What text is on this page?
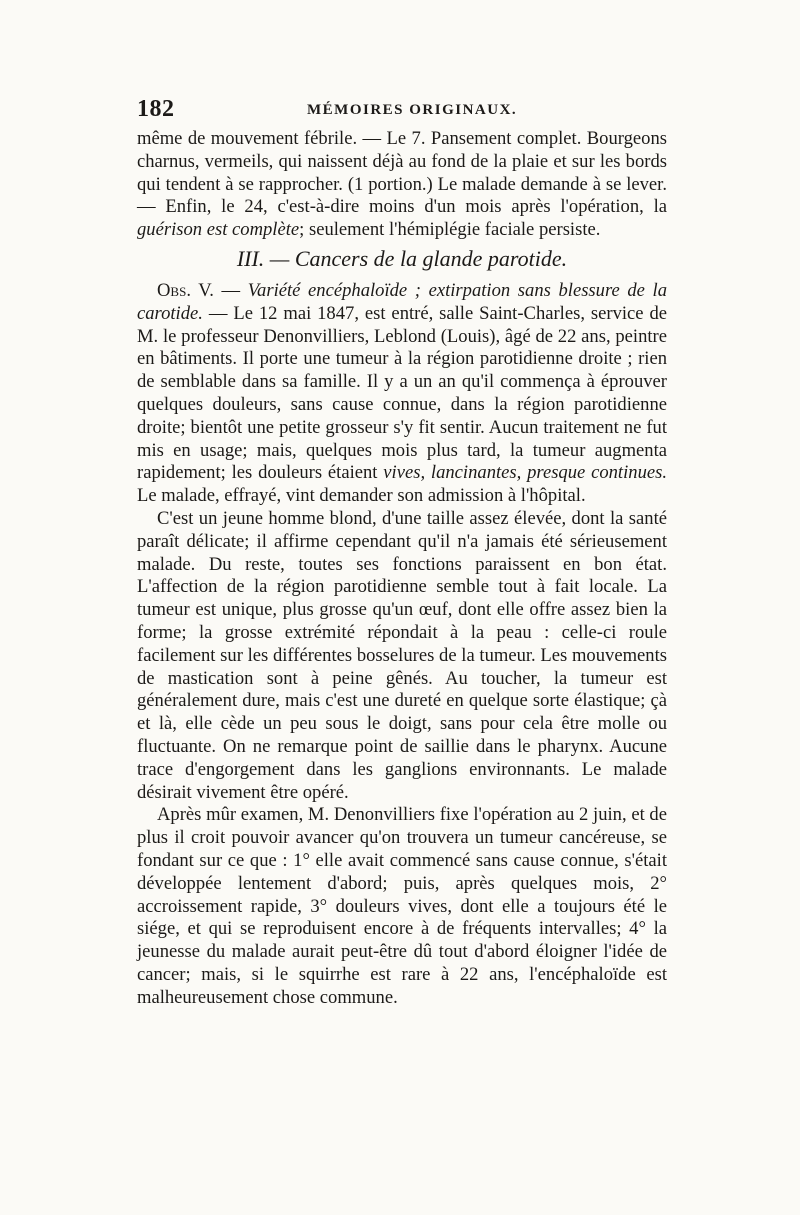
182	MÉMOIRES ORIGINAUX.

même de mouvement fébrile. — Le 7. Pansement complet. Bourgeons charnus, vermeils, qui naissent déjà au fond de la plaie et sur les bords qui tendent à se rapprocher. (1 portion.) Le malade demande à se lever. — Enfin, le 24, c'est-à-dire moins d'un mois après l'opération, la guérison est complète; seulement l'hémiplégie faciale persiste.

III. — Cancers de la glande parotide.

Obs. V. — Variété encéphaloïde ; extirpation sans blessure de la carotide. — Le 12 mai 1847, est entré, salle Saint-Charles, service de M. le professeur Denonvilliers, Leblond (Louis), âgé de 22 ans, peintre en bâtiments. Il porte une tumeur à la région parotidienne droite ; rien de semblable dans sa famille. Il y a un an qu'il commença à éprouver quelques douleurs, sans cause connue, dans la région parotidienne droite; bientôt une petite grosseur s'y fit sentir. Aucun traitement ne fut mis en usage; mais, quelques mois plus tard, la tumeur augmenta rapidement; les douleurs étaient vives, lancinantes, presque continues. Le malade, effrayé, vint demander son admission à l'hôpital.

C'est un jeune homme blond, d'une taille assez élevée, dont la santé paraît délicate; il affirme cependant qu'il n'a jamais été sérieusement malade. Du reste, toutes ses fonctions paraissent en bon état. L'affection de la région parotidienne semble tout à fait locale. La tumeur est unique, plus grosse qu'un œuf, dont elle offre assez bien la forme; la grosse extrémité répondait à la peau : celle-ci roule facilement sur les différentes bosselures de la tumeur. Les mouvements de mastication sont à peine gênés. Au toucher, la tumeur est généralement dure, mais c'est une dureté en quelque sorte élastique; çà et là, elle cède un peu sous le doigt, sans pour cela être molle ou fluctuante. On ne remarque point de saillie dans le pharynx. Aucune trace d'engorgement dans les ganglions environnants. Le malade désirait vivement être opéré.

Après mûr examen, M. Denonvilliers fixe l'opération au 2 juin, et de plus il croit pouvoir avancer qu'on trouvera un tumeur cancéreuse, se fondant sur ce que : 1° elle avait commencé sans cause connue, s'était développée lentement d'abord; puis, après quelques mois, 2° accroissement rapide, 3° douleurs vives, dont elle a toujours été le siége, et qui se reproduisent encore à de fréquents intervalles; 4° la jeunesse du malade aurait peut-être dû tout d'abord éloigner l'idée de cancer; mais, si le squirrhe est rare à 22 ans, l'encéphaloïde est malheureusement chose commune.
